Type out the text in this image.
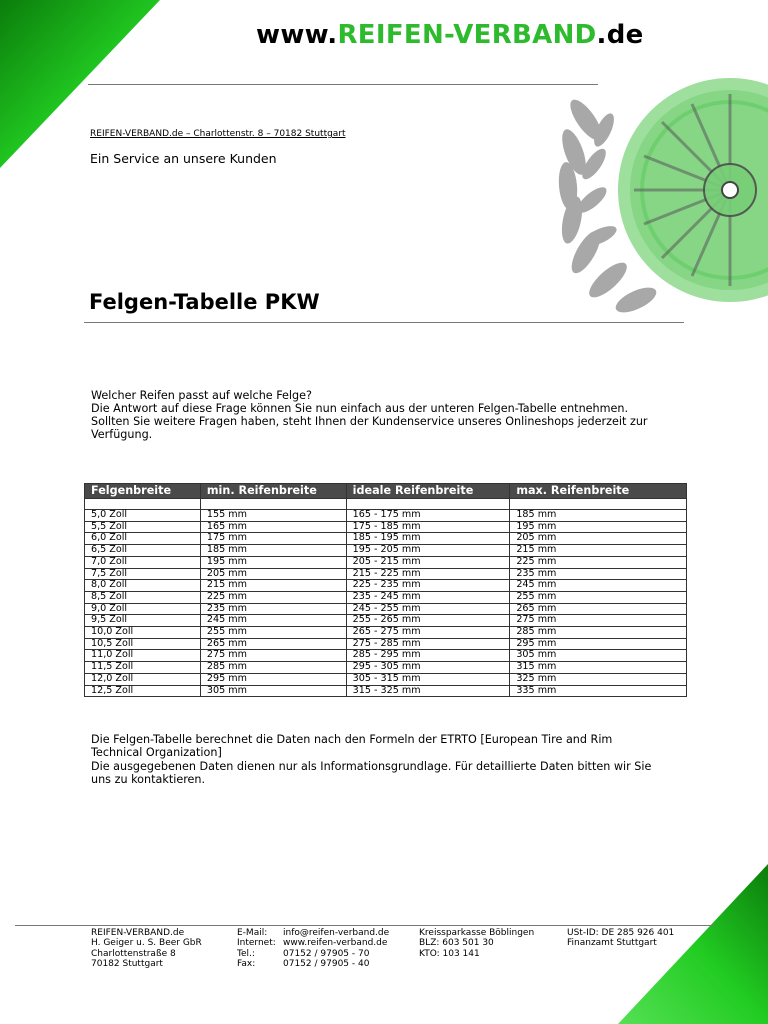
www.REIFEN-VERBAND.de
REIFEN-VERBAND.de – Charlottenstr. 8 – 70182 Stuttgart
Ein Service an unsere Kunden
Felgen-Tabelle PKW
Welcher Reifen passt auf welche Felge?
Die Antwort auf diese Frage können Sie nun einfach aus der unteren Felgen-Tabelle entnehmen.
Sollten Sie weitere Fragen haben, steht Ihnen der Kundenservice unseres Onlineshops jederzeit zur
Verfügung.
Felgenbreite	min. Reifenbreite	ideale Reifenbreite	max. Reifenbreite

5,0 Zoll	155 mm	165 - 175 mm	185 mm
5,5 Zoll	165 mm	175 - 185 mm	195 mm
6,0 Zoll	175 mm	185 - 195 mm	205 mm
6,5 Zoll	185 mm	195 - 205 mm	215 mm
7,0 Zoll	195 mm	205 - 215 mm	225 mm
7,5 Zoll	205 mm	215 - 225 mm	235 mm
8,0 Zoll	215 mm	225 - 235 mm	245 mm
8,5 Zoll	225 mm	235 - 245 mm	255 mm
9,0 Zoll	235 mm	245 - 255 mm	265 mm
9,5 Zoll	245 mm	255 - 265 mm	275 mm
10,0 Zoll	255 mm	265 - 275 mm	285 mm
10,5 Zoll	265 mm	275 - 285 mm	295 mm
11,0 Zoll	275 mm	285 - 295 mm	305 mm
11,5 Zoll	285 mm	295 - 305 mm	315 mm
12,0 Zoll	295 mm	305 - 315 mm	325 mm
12,5 Zoll	305 mm	315 - 325 mm	335 mm
Die Felgen-Tabelle berechnet die Daten nach den Formeln der ETRTO [European Tire and Rim
Technical Organization]
Die ausgegebenen Daten dienen nur als Informationsgrundlage. Für detaillierte Daten bitten wir Sie
uns zu kontaktieren.
REIFEN-VERBAND.de
H. Geiger u. S. Beer GbR
Charlottenstraße 8
70182 Stuttgart
E-Mail:
Internet:
Tel.:
Fax:
info@reifen-verband.de
www.reifen-verband.de
07152 / 97905 - 70
07152 / 97905 - 40
Kreissparkasse Böblingen
BLZ: 603 501 30
KTO: 103 141
USt-ID: DE 285 926 401
Finanzamt Stuttgart
